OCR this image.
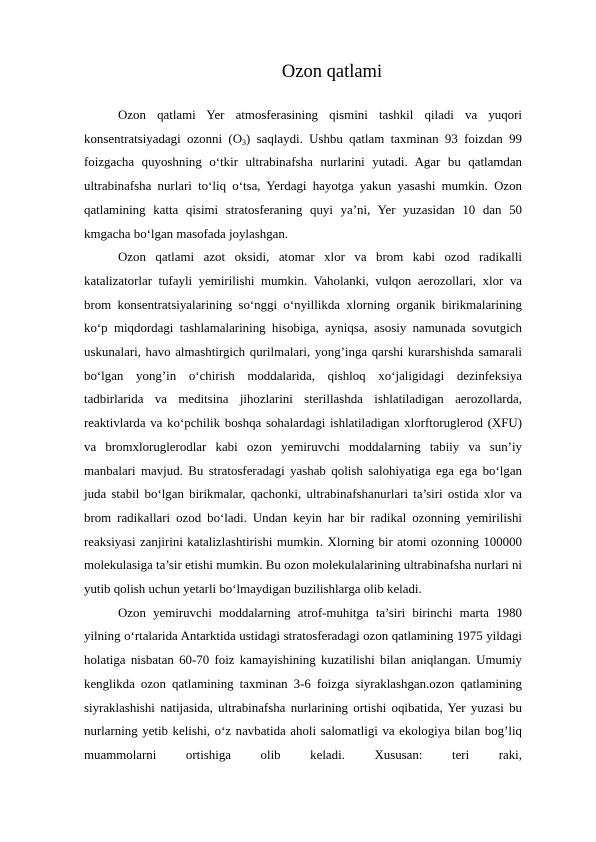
Ozon qatlami

Ozon qatlami Yer atmosferasining qismini tashkil qiladi va yuqori konsentratsiyadagi ozonni $(O_3)$ saqlaydi. Ushbu qatlam taxminan 93 foizdan 99 foizgacha quyoshning o‘tkir ultrabinafsha nurlarini yutadi. Agar bu qatlamdan ultrabinafsha nurlari to‘liq o‘tsa, Yerdagi hayotga yakun yasashi mumkin. Ozon qatlamining katta qisimi stratosferaning quyi ya’ni, Yer yuzasidan 10 dan 50 kmgacha bo‘lgan masofada joylashgan.

Ozon qatlami azot oksidi, atomar xlor va brom kabi ozod radikalli katalizatorlar tufayli yemirilishi mumkin. Vaholanki, vulqon aerozollari, xlor va brom konsentratsiyalarining so‘nggi o‘nyillikda xlorning organik birikmalarining ko‘p miqdordagi tashlamalarining hisobiga, ayniqsa, asosiy namunada sovutgich uskunalari, havo almashtirgich qurilmalari, yong’inga qarshi kurarshishda samarali bo‘lgan yong’in o‘chirish moddalarida, qishloq xo‘jaligidagi dezinfeksiya tadbirlarida va meditsina jihozlarini sterillashda ishlatiladigan aerozollarda, reaktivlarda va ko‘pchilik boshqa sohalardagi ishlatiladigan xlorftoruglerod (XFU) va bromxloruglerodlar kabi ozon yemiruvchi moddalarning tabiiy va sun’iy manbalari mavjud. Bu stratosferadagi yashab qolish salohiyatiga ega ega bo‘lgan juda stabil bo‘lgan birikmalar, qachonki, ultrabinafshanurlari ta’siri ostida xlor va brom radikallari ozod bo‘ladi. Undan keyin har bir radikal ozonning yemirilishi reaksiyasi zanjirini katalizlashtirishi mumkin. Xlorning bir atomi ozonning 100000 molekulasiga ta’sir etishi mumkin. Bu ozon molekulalarining ultrabinafsha nurlari ni yutib qolish uchun yetarli bo‘lmaydigan buzilishlarga olib keladi.

Ozon yemiruvchi moddalarning atrof-muhitga ta’siri birinchi marta 1980 yilning o‘rtalarida Antarktida ustidagi stratosferadagi ozon qatlamining 1975 yildagi holatiga nisbatan 60-70 foiz kamayishining kuzatilishi bilan aniqlangan. Umumiy kenglikda ozon qatlamining taxminan 3-6 foizga siyraklashgan.ozon qatlamining siyraklashishi natijasida, ultrabinafsha nurlarining ortishi oqibatida, Yer yuzasi bu nurlarning yetib kelishi, o‘z navbatida aholi salomatligi va ekologiya bilan bog’liq muammolarni ortishiga olib keladi. Xususan: teri raki,
